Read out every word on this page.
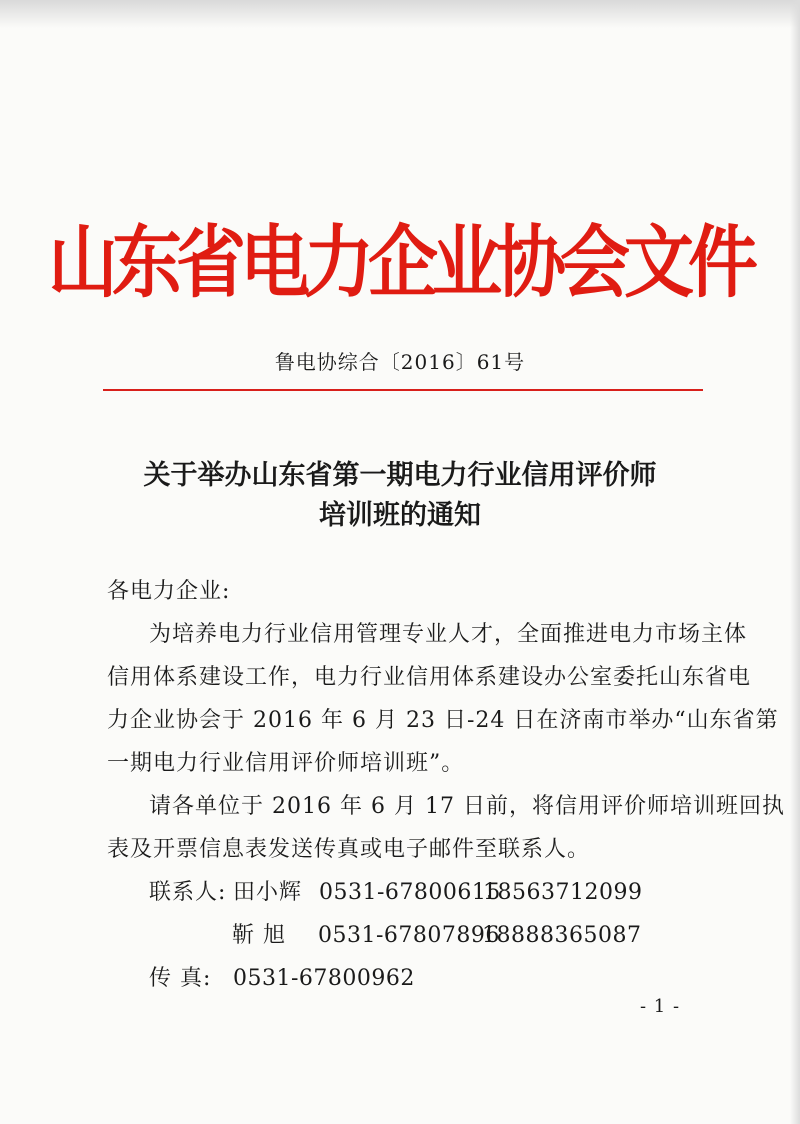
山东省电力企业协会文件
鲁电协综合〔2016〕61号
关于举办山东省第一期电力行业信用评价师
培训班的通知
各电力企业:
为培养电力行业信用管理专业人才，全面推进电力市场主体
信用体系建设工作，电力行业信用体系建设办公室委托山东省电
力企业协会于 2016 年 6 月 23 日-24 日在济南市举办“山东省第
一期电力行业信用评价师培训班”。
请各单位于 2016 年 6 月 17 日前，将信用评价师培训班回执
表及开票信息表发送传真或电子邮件至联系人。
联系人: 田小辉 0531-6780061518563712099
靳 旭 0531-6780789618888365087
传 真: 0531-67800962
- 1 -
